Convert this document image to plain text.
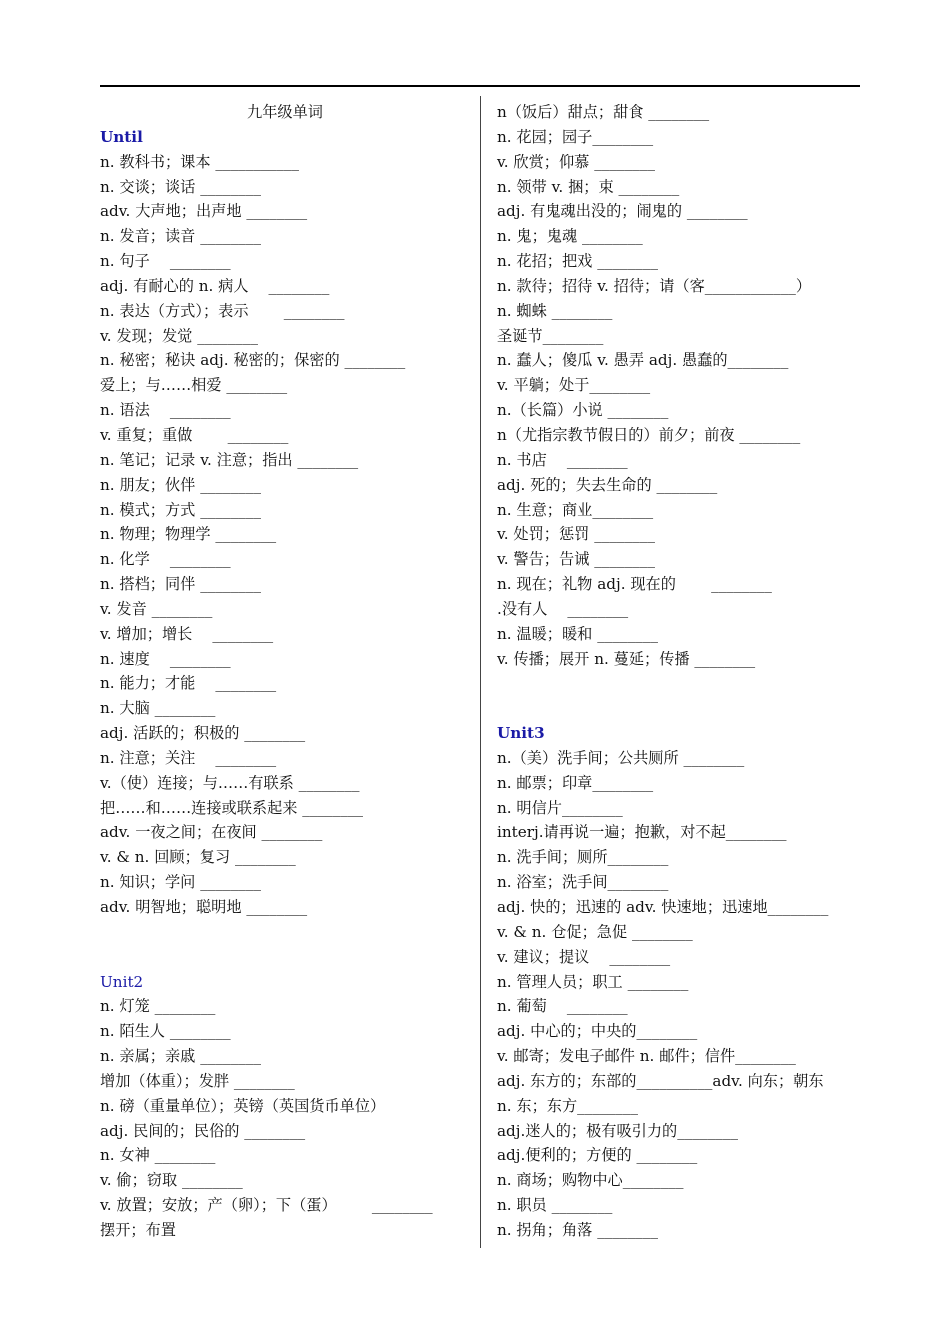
九年级单词
Until
n. 教科书；课本 ___________
n. 交谈；谈话 ________
adv. 大声地；出声地 ________
n. 发音；读音 ________
n. 句子 　________
adj. 有耐心的 n. 病人 　________
n. 表达（方式）；表示 　　________
v. 发现；发觉 ________
n. 秘密；秘诀 adj. 秘密的；保密的 ________
爱上；与……相爱 ________
n. 语法 　________
v. 重复；重做 　　________
n. 笔记；记录 v. 注意；指出 ________
n. 朋友；伙伴 ________
n. 模式；方式 ________
n. 物理；物理学 ________
n. 化学 　________
n. 搭档；同伴 ________
v. 发音 ________
v. 增加；增长 　________
n. 速度 　________
n. 能力；才能 　________
n. 大脑 ________
adj. 活跃的；积极的 ________
n. 注意；关注 　________
v.（使）连接；与……有联系 ________
把……和……连接或联系起来 ________
adv. 一夜之间；在夜间 ________
v. & n. 回顾；复习 ________
n. 知识；学问 ________
adv. 明智地；聪明地 ________
Unit2
n. 灯笼 ________
n. 陌生人 ________
n. 亲属；亲戚 ________
增加（体重）；发胖 ________
n. 磅（重量单位）；英镑（英国货币单位）
adj. 民间的；民俗的 ________
n. 女神 ________
v. 偷；窃取 ________
v. 放置；安放；产（卵）；下（蛋） 　　________
摆开；布置
n（饭后）甜点；甜食 ________
n. 花园；园子________
v. 欣赏；仰慕 ________
n. 领带 v. 捆；束 ________
adj. 有鬼魂出没的；闹鬼的 ________
n. 鬼；鬼魂 ________
n. 花招；把戏 ________
n. 款待；招待 v. 招待；请（客____________）
n. 蜘蛛 ________
圣诞节________
n. 蠢人；傻瓜 v. 愚弄 adj. 愚蠢的________
v. 平躺；处于________
n.（长篇）小说 ________
n（尤指宗教节假日的）前夕；前夜 ________
n. 书店 　________
adj. 死的；失去生命的 ________
n. 生意；商业________
v. 处罚；惩罚 ________
v. 警告；告诫 ________
n. 现在；礼物 adj. 现在的 　　________
.没有人 　________
n. 温暖；暖和 ________
v. 传播；展开 n. 蔓延；传播 ________
Unit3
n.（美）洗手间；公共厕所 ________
n. 邮票；印章________
n. 明信片________
interj.请再说一遍；抱歉，对不起________
n. 洗手间；厕所________
n. 浴室；洗手间________
adj. 快的；迅速的 adv. 快速地；迅速地________
v. & n. 仓促；急促 ________
v. 建议；提议 　________
n. 管理人员；职工 ________
n. 葡萄 　________
adj. 中心的；中央的________
v. 邮寄；发电子邮件 n. 邮件；信件________
adj. 东方的；东部的__________adv. 向东；朝东
n. 东；东方________
adj.迷人的；极有吸引力的________
adj.便利的；方便的 ________
n. 商场；购物中心________
n. 职员 ________
n. 拐角；角落 ________
